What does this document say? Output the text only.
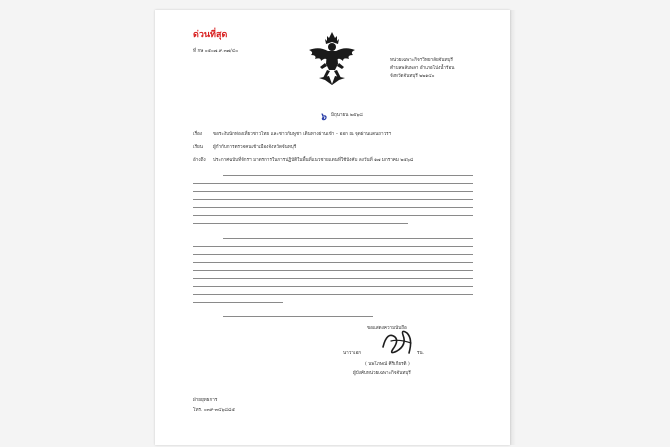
ด่วนที่สุด
ที่ กษ ๐๕๐๗.๙.๓๗/๔๐
หน่วยเฉพาะกิจฯวิทยาลัยจันทบุรี
ตำบลพลับพลา อำเภอโป่งน้ำร้อน
จังหวัดจันทบุรี ๒๒๑๔๐
๖ มิถุนายน ๒๕๖๘
เรื่อง ขอระงับนักท่องเที่ยวชาวไทย และชาวกัมพูชา เดินทางผ่านเข้า – ออก ณ จุดผ่านแดนถาวรฯ
เรียน ผู้กำกับการตรวจคนเข้าเมืองจังหวัดจันทบุรี
อ้างถึง ประกาศฉบับที่จักรฯ มาตรการในการปฏิบัติในพื้นที่แนวชายแดนที่ใช้บังคับ ลงวันที่ ๑๗ มกราคม ๒๕๖๘
ขอแสดงความนับถือ
นาวาเอก	รน.
( นพโภษณ์ ศิริเกียรติ )
ผู้บังคับหน่วยเฉพาะกิจจันทบุรี
ฝ่ายยุทธการ
โทร. ๐๓๙-๓๔๖๘๘๕
